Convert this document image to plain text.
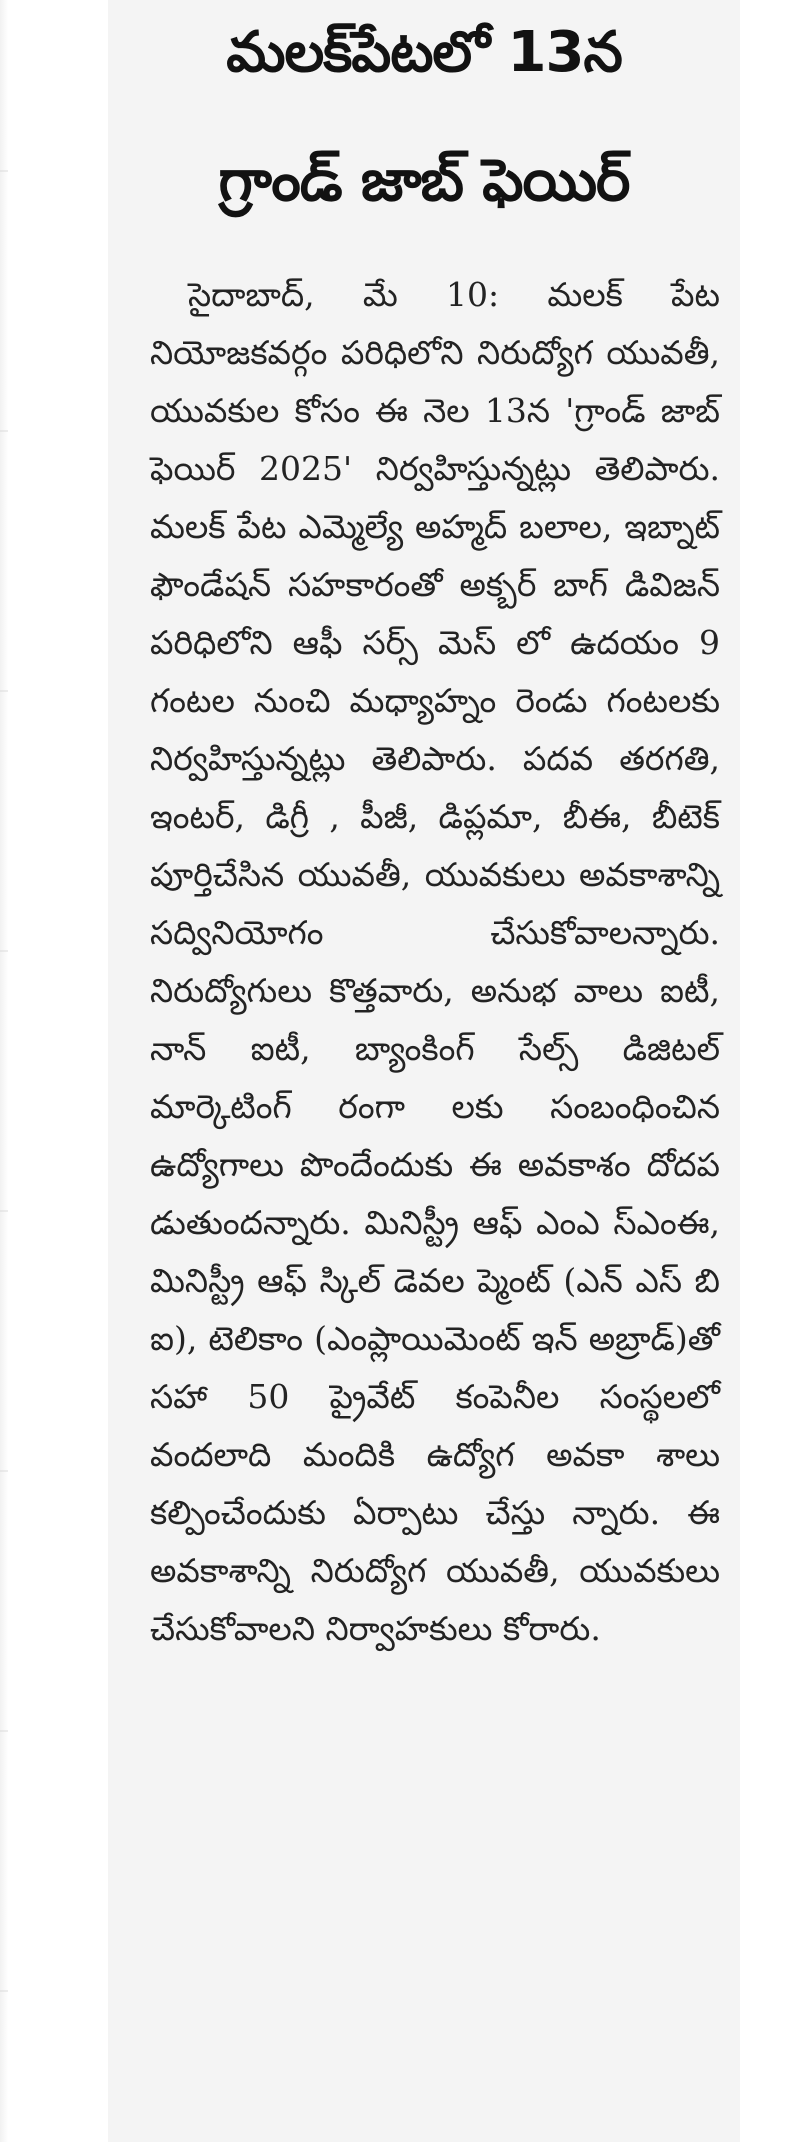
మలక్‌పేటలో 13న
గ్రాండ్ జాబ్ ఫెయిర్

సైదాబాద్, మే 10: మలక్ పేట నియోజకవర్గం పరిధిలోని నిరుద్యోగ యువతీ, యువకుల కోసం ఈ నెల 13న 'గ్రాండ్ జాబ్ ఫెయిర్ 2025' నిర్వహిస్తున్నట్లు తెలిపారు. మలక్ పేట ఎమ్మెల్యే అహ్మద్ బలాల, ఇబ్నాట్ ఫౌండేషన్ సహకారంతో అక్బర్ బాగ్ డివిజన్ పరిధిలోని ఆఫీ సర్స్ మెస్ లో ఉదయం 9 గంటల నుంచి మధ్యాహ్నం రెండు గంటలకు నిర్వహిస్తున్నట్లు తెలిపారు. పదవ తరగతి, ఇంటర్, డిగ్రీ , పీజీ, డిప్లమా, బీఈ, బీటెక్ పూర్తిచేసిన యువతీ, యువకులు అవకాశాన్ని సద్వినియోగం చేసుకోవాలన్నారు. నిరుద్యోగులు కొత్తవారు, అనుభ వాలు ఐటీ, నాన్ ఐటీ, బ్యాంకింగ్ సేల్స్ డిజిటల్ మార్కెటింగ్ రంగా లకు సంబంధించిన ఉద్యోగాలు పొందేందుకు ఈ అవకాశం దోదప డుతుందన్నారు. మినిస్ట్రీ ఆఫ్ ఎంఎ స్ఎంఈ, మినిస్ట్రీ ఆఫ్ స్కిల్ డెవల ప్మెంట్ (ఎన్ ఎస్ బి ఐ), టెలికాం (ఎంప్లాయిమెంట్ ఇన్ అబ్రాడ్)తో సహా 50 ప్రైవేట్ కంపెనీల సంస్థలలో వందలాది మందికి ఉద్యోగ అవకా శాలు కల్పించేందుకు ఏర్పాటు చేస్తు న్నారు. ఈ అవకాశాన్ని నిరుద్యోగ యువతీ, యువకులు చేసుకోవాలని నిర్వాహకులు కోరారు.
